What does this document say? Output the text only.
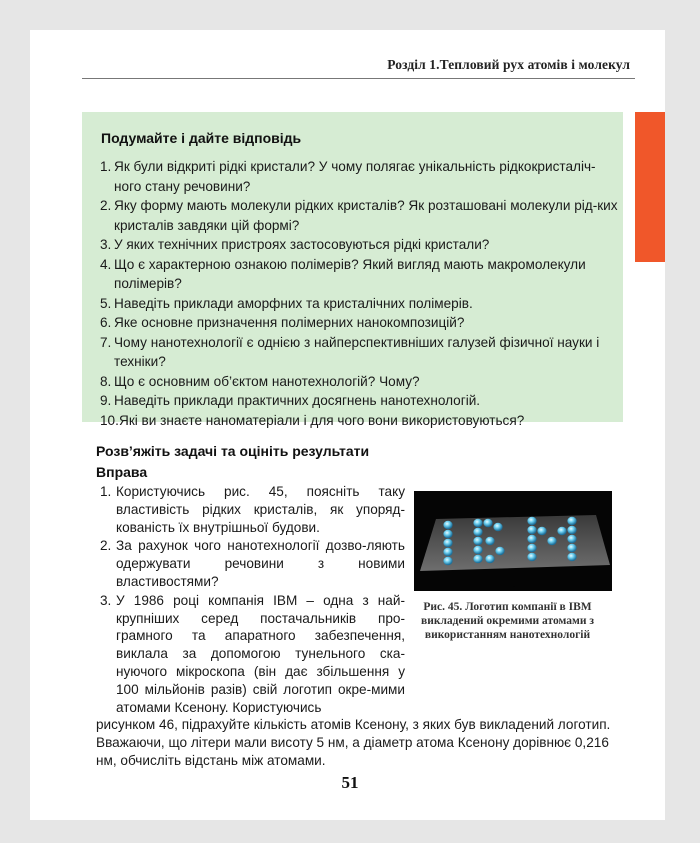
Розділ 1.Тепловий рух атомів і молекул
Подумайте і дайте відповідь
1. Як були відкриті рідкі кристали? У чому полягає унікальність рідкокристаліч-ного стану речовини?
2. Яку форму мають молекули рідких кристалів? Як розташовані молекули рід-ких кристалів завдяки цій формі?
3. У яких технічних пристроях застосовуються рідкі кристали?
4. Що є характерною ознакою полімерів? Який вигляд мають макромолекули полімерів?
5. Наведіть приклади аморфних та кристалічних полімерів.
6. Яке основне призначення полімерних нанокомпозицій?
7. Чому нанотехнології є однією з найперспективніших галузей фізичної науки і техніки?
8. Що є основним об’єктом нанотехнологій? Чому?
9. Наведіть приклади практичних досягнень нанотехнологій.
10. Які ви знаєте наноматеріали і для чого вони використовуються?
Розв’яжіть задачі та оцініть результати
Вправа
1. Користуючись рис. 45, поясніть таку властивість рідких кристалів, як упоряд-кованість їх внутрішньої будови.
2. За рахунок чого нанотехнології дозво-ляють одержувати речовини з новими властивостями?
3. У 1986 році компанія IBM – одна з най-крупніших серед постачальників про-грамного та апаратного забезпечення, виклала за допомогою тунельного ска-нуючого мікроскопа (він дає збільшення у 100 мільйонів разів) свій логотип окре-мими атомами Ксенону. Користуючись
рисунком 46, підрахуйте кількість атомів Ксенону, з яких був викладений логотип. Вважаючи, що літери мали висоту 5 нм, а діаметр атома Ксенону дорівнює 0,216 нм, обчисліть відстань між атомами.
IBM
Рис. 45. Логотип компанії в IBM викладений окремими атомами з використанням нанотехнологій
51
